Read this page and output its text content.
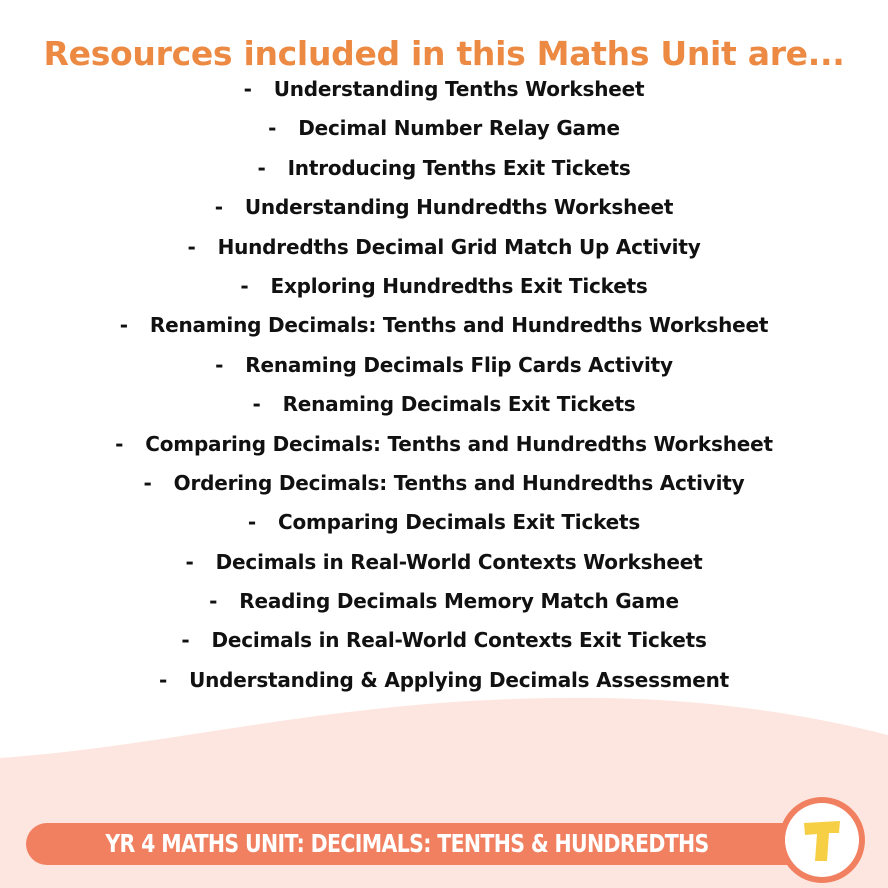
Resources included in this Maths Unit are...
- Understanding Tenths Worksheet
- Decimal Number Relay Game
- Introducing Tenths Exit Tickets
- Understanding Hundredths Worksheet
- Hundredths Decimal Grid Match Up Activity
- Exploring Hundredths Exit Tickets
- Renaming Decimals: Tenths and Hundredths Worksheet
- Renaming Decimals Flip Cards Activity
- Renaming Decimals Exit Tickets
- Comparing Decimals: Tenths and Hundredths Worksheet
- Ordering Decimals: Tenths and Hundredths Activity
- Comparing Decimals Exit Tickets
- Decimals in Real-World Contexts Worksheet
- Reading Decimals Memory Match Game
- Decimals in Real-World Contexts Exit Tickets
- Understanding & Applying Decimals Assessment
YR 4 MATHS UNIT: DECIMALS: TENTHS & HUNDREDTHS
